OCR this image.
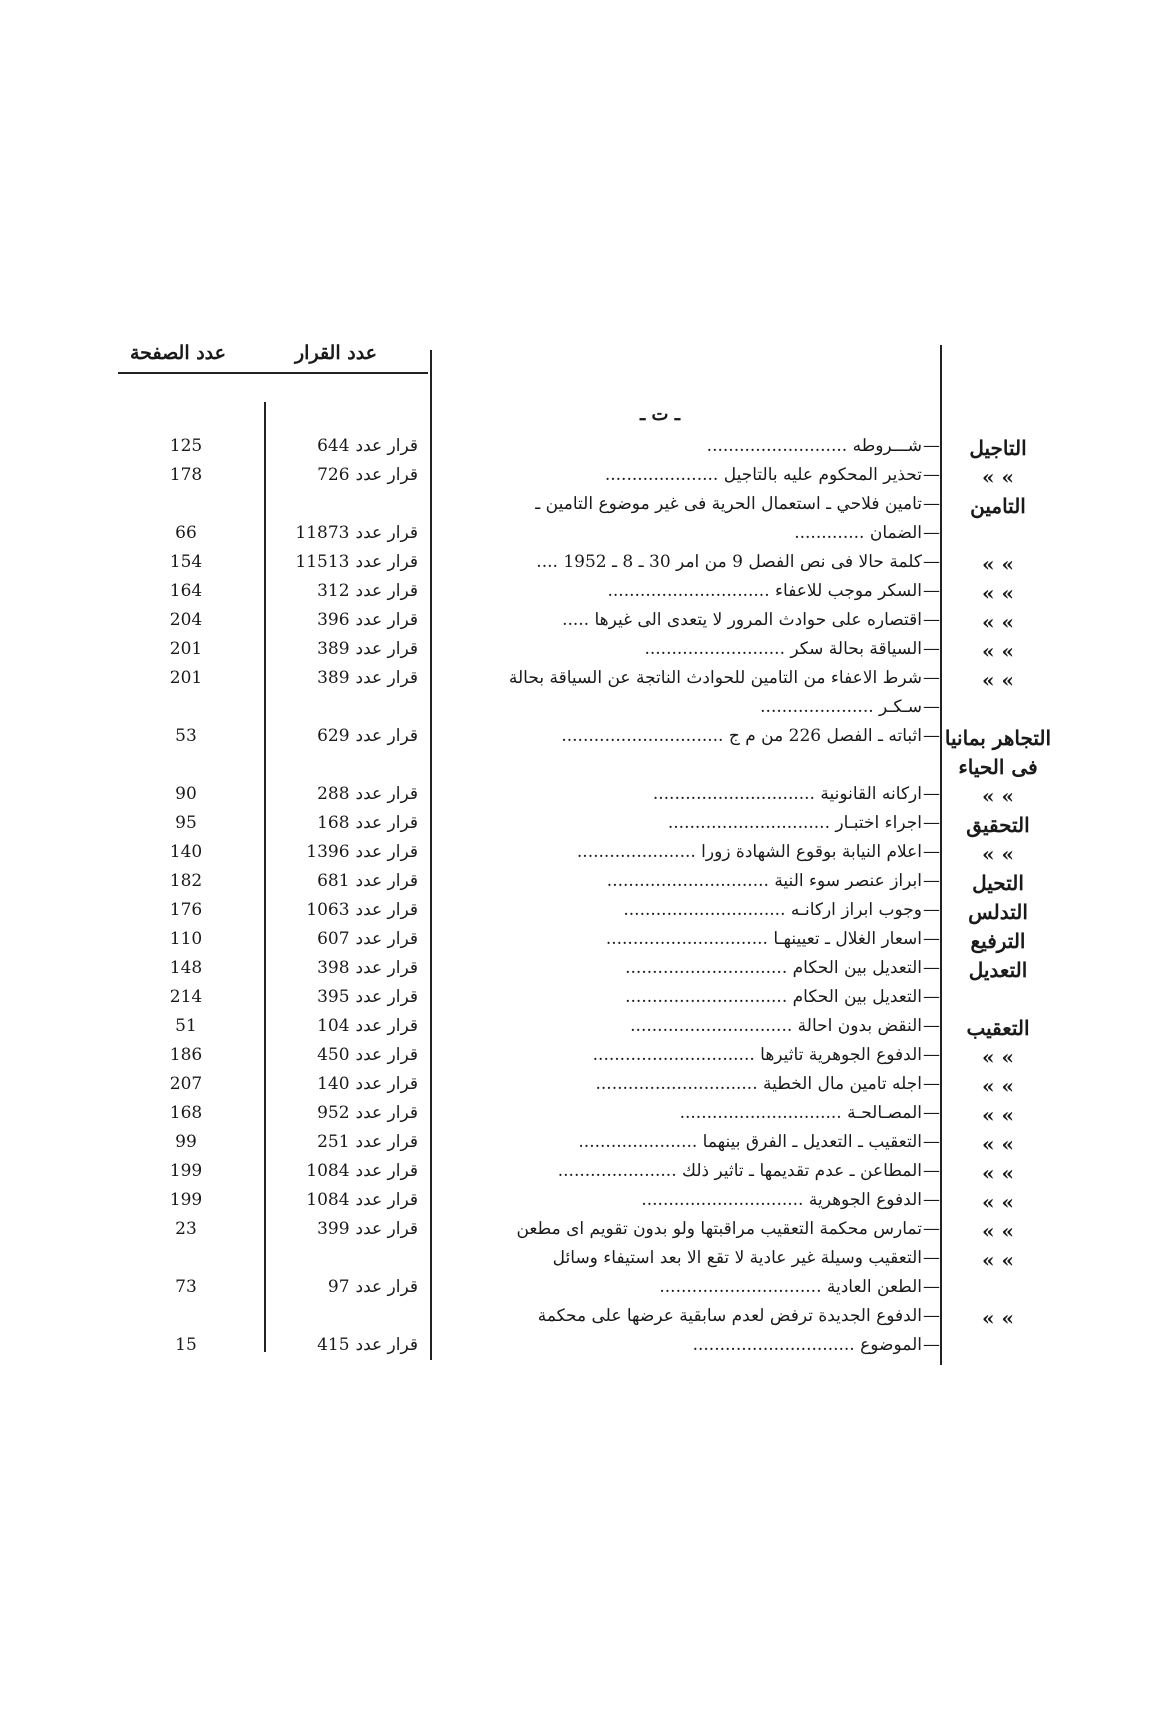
عدد الصفحة	عدد القرار
ـ ت ـ
التاجيل
شـــروطه .......................... —
قرار عدد644
125
» »
تحذير المحكوم عليه بالتاجيل ..................... —
قرار عدد726
178
التامين
تامين فلاحي ـ استعمال الحرية فى غير موضوع التامين ـ —
الضمان ............. —
قرار عدد11873
66
» »
كلمة حالا فى نص الفصل 9 من امر 30 ـ 8 ـ 1952 .... —
قرار عدد11513
154
» »
السكر موجب للاعفاء .............................. —
قرار عدد312
164
» »
اقتصاره على حوادث المرور لا يتعدى الى غيرها ..... —
قرار عدد396
204
» »
السياقة بحالة سكر .......................... —
قرار عدد389
201
» »
شرط الاعفاء من التامين للحوادث الناتجة عن السياقة بحالة —
قرار عدد389
201
سـكـر ..................... —
التجاهر بمانيا
اثباته ـ الفصل 226 من م ج .............................. —
قرار عدد629
53
فى الحياء
» »
اركانه القانونية .............................. —
قرار عدد288
90
التحقيق
اجراء اختبـار .............................. —
قرار عدد168
95
» »
اعلام النيابة بوقوع الشهادة زورا ...................... —
قرار عدد1396
140
التحيل
ابراز عنصر سوء النية .............................. —
قرار عدد681
182
التدلس
وجوب ابراز اركانـه .............................. —
قرار عدد1063
176
الترفيع
اسعار الغلال ـ تعيينهـا .............................. —
قرار عدد607
110
التعديل
التعديل بين الحكام .............................. —
قرار عدد398
148
التعديل بين الحكام .............................. —
قرار عدد395
214
التعقيب
النقض بدون احالة .............................. —
قرار عدد104
51
» »
الدفوع الجوهرية تاثيرها .............................. —
قرار عدد450
186
» »
اجله تامين مال الخطية .............................. —
قرار عدد140
207
» »
المصـالحـة .............................. —
قرار عدد952
168
» »
التعقيب ـ التعديل ـ الفرق بينهما ...................... —
قرار عدد251
99
» »
المطاعن ـ عدم تقديمها ـ تاثير ذلك ...................... —
قرار عدد1084
199
» »
الدفوع الجوهرية .............................. —
قرار عدد1084
199
» »
تمارس محكمة التعقيب مراقبتها ولو بدون تقويم اى مطعن —
قرار عدد399
23
» »
التعقيب وسيلة غير عادية لا تقع الا بعد استيفاء وسائل —
الطعن العادية .............................. —
قرار عدد97
73
» »
الدفوع الجديدة ترفض لعدم سابقية عرضها على محكمة —
الموضوع .............................. —
قرار عدد415
15
